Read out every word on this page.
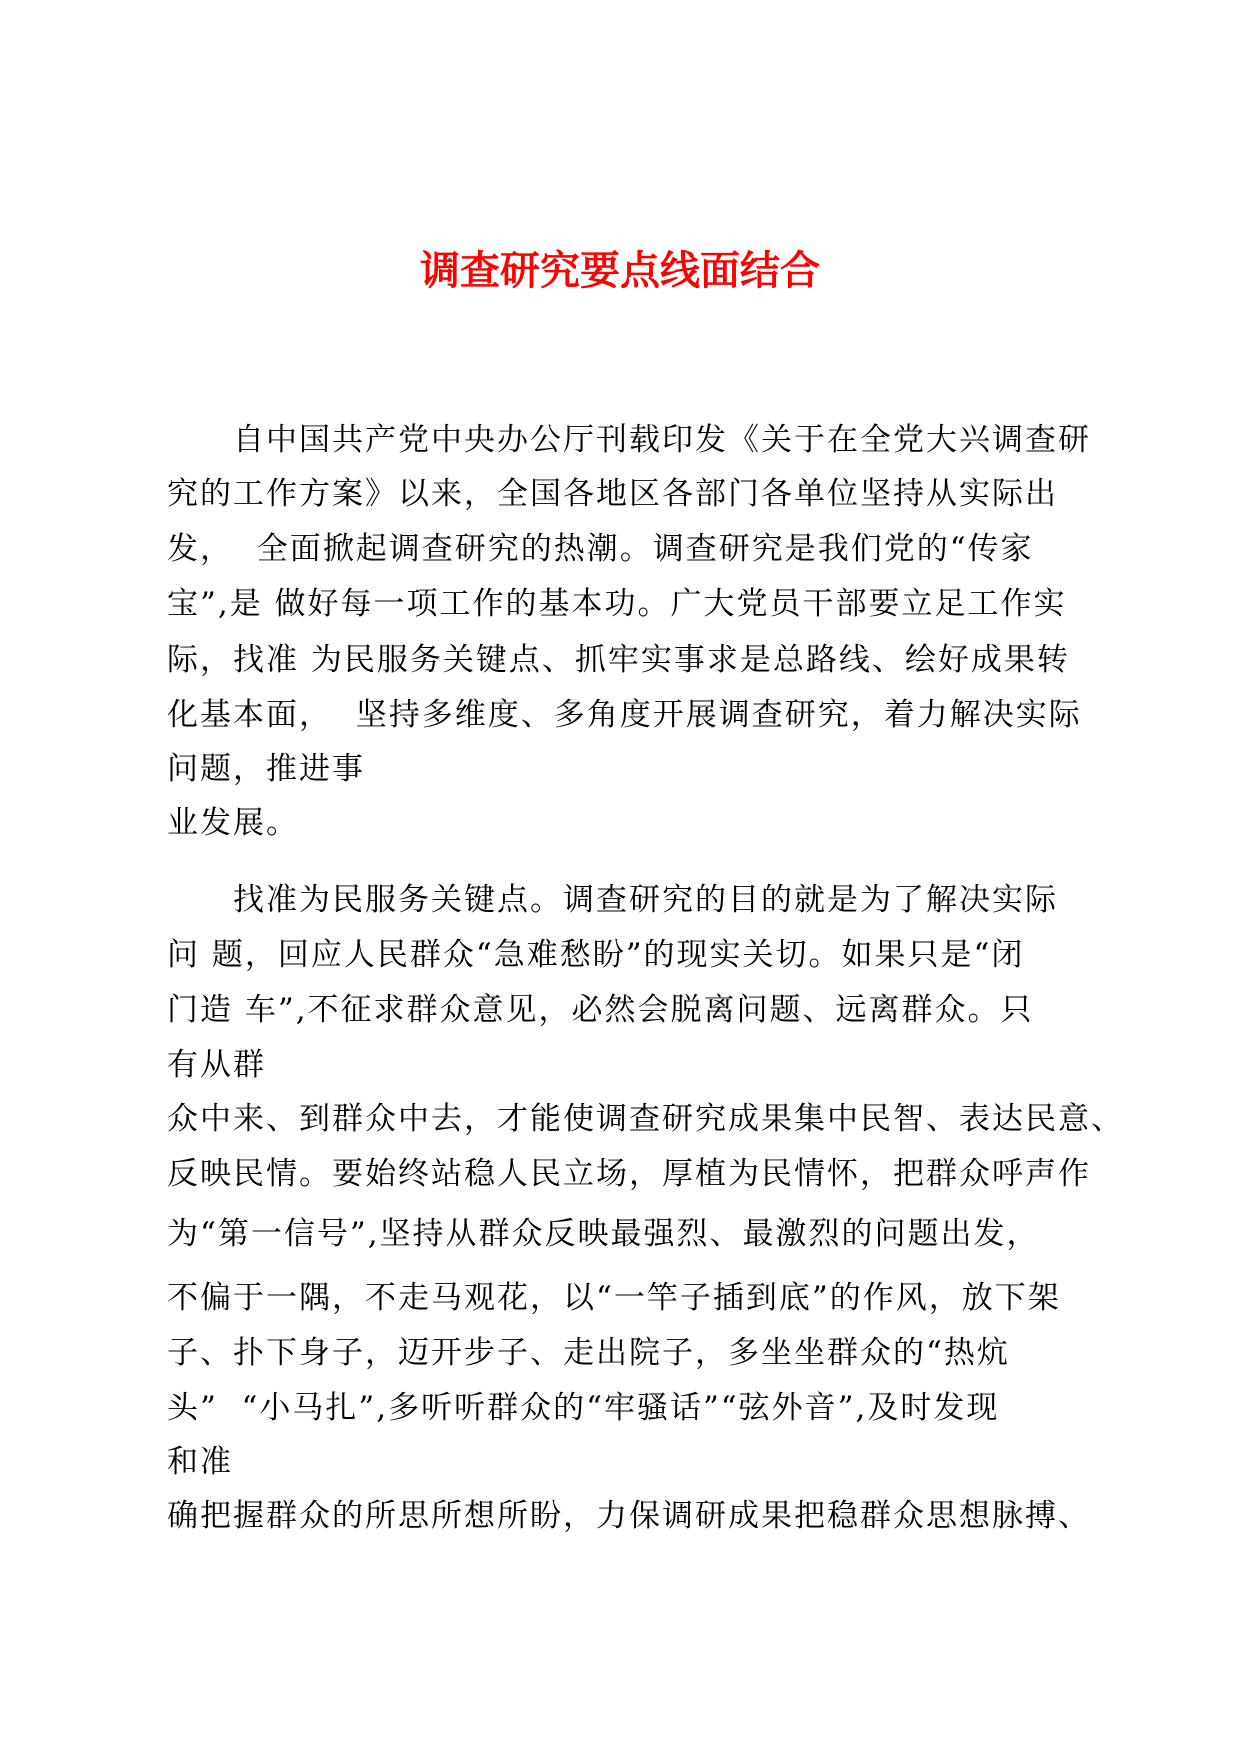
调查研究要点线面结合
　　自中国共产党中央办公厅刊载印发《关于在全党大兴调查研
究的工作方案》以来，全国各地区各部门各单位坚持从实际出
发，  全面掀起调查研究的热潮。调查研究是我们党的“传家
宝”,是 做好每一项工作的基本功。广大党员干部要立足工作实
际，找准 为民服务关键点、抓牢实事求是总路线、绘好成果转
化基本面，  坚持多维度、多角度开展调查研究，着力解决实际
问题，推进事
业发展。
　　找准为民服务关键点。调查研究的目的就是为了解决实际
问 题，回应人民群众“急难愁盼”的现实关切。如果只是“闭
门造 车”,不征求群众意见，必然会脱离问题、远离群众。只
有从群
众中来、到群众中去，才能使调查研究成果集中民智、表达民意、
反映民情。要始终站稳人民立场，厚植为民情怀，把群众呼声作
为“第一信号”,坚持从群众反映最强烈、最激烈的问题出发，
不偏于一隅，不走马观花，以“一竿子插到底”的作风，放下架
子、扑下身子，迈开步子、走出院子，多坐坐群众的“热炕
头”  “小马扎”,多听听群众的“牢骚话”“弦外音”,及时发现
和准
确把握群众的所思所想所盼，力保调研成果把稳群众思想脉搏、
